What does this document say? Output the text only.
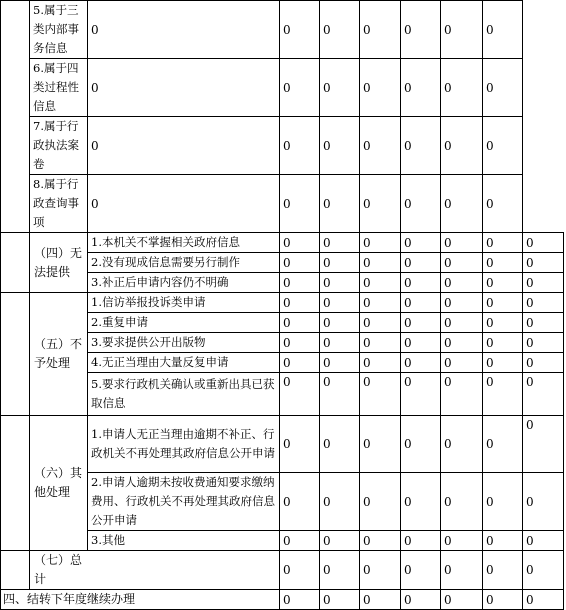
	5.属于三类内部事务信息	0	0	0	0	0	0	0	
	6.属于四类过程性信息	0	0	0	0	0	0	0	
	7.属于行政执法案卷	0	0	0	0	0	0	0	
	8.属于行政查询事项	0	0	0	0	0	0	0	
	（四）无法提供	1.本机关不掌握相关政府信息	0	0	0	0	0	0	0
		2.没有现成信息需要另行制作	0	0	0	0	0	0	0
		3.补正后申请内容仍不明确	0	0	0	0	0	0	0
	（五）不予处理	1.信访举报投诉类申请	0	0	0	0	0	0	0
		2.重复申请	0	0	0	0	0	0	0
		3.要求提供公开出版物	0	0	0	0	0	0	0
		4.无正当理由大量反复申请	0	0	0	0	0	0	0
		5.要求行政机关确认或重新出具已获取信息	0	0	0	0	0	0	0
	（六）其他处理	1.申请人无正当理由逾期不补正、行政机关不再处理其政府信息公开申请	0	0	0	0	0	0	0
		2.申请人逾期未按收费通知要求缴纳费用、行政机关不再处理其政府信息公开申请	0	0	0	0	0	0	0
		3.其他	0	0	0	0	0	0	0
	（七）总计		0	0	0	0	0	0	0
四、结转下年度继续办理			0	0	0	0	0	0	0
